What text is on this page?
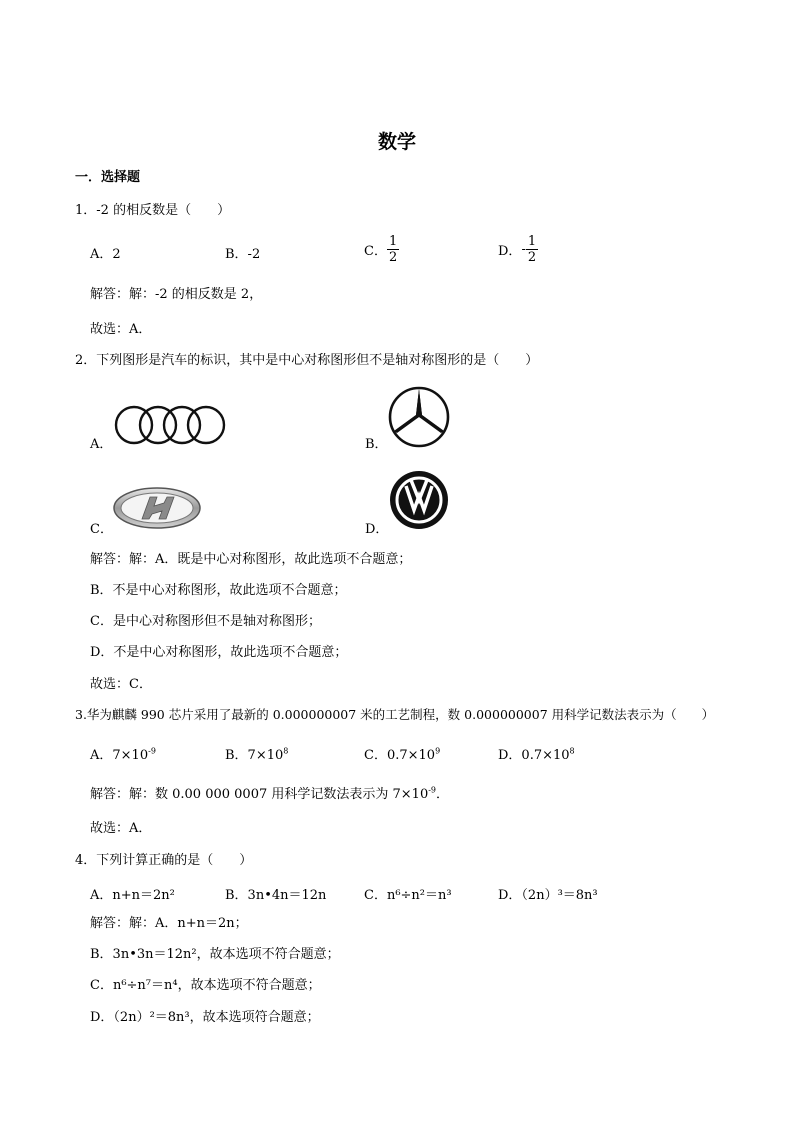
数学
一．选择题
1．-2 的相反数是（　　）
A．2	B．-2	C． $\frac{1}{2}$	D．- $\frac{1}{2}$
解答：解：-2 的相反数是 2，
故选：A．
2．下列图形是汽车的标识，其中是中心对称图形但不是轴对称图形的是（　　）
A．	B．
C．	D．
解答：解：A．既是中心对称图形，故此选项不合题意；
B．不是中心对称图形，故此选项不合题意；
C．是中心对称图形但不是轴对称图形；
D．不是中心对称图形，故此选项不合题意；
故选：C．
3.华为麒麟 990 芯片采用了最新的 0.000000007 米的工艺制程，数 0.000000007 用科学记数法表示为（　　）
A．$7\times 10^{-9}$	B．$7\times 10^8$	C．$0.7\times 10^9$	D．$0.7\times 10^8$
解答：解：数 0.00 000 0007 用科学记数法表示为 $7\times 10^{-9}$．
故选：A．
4．下列计算正确的是（　　）
A．n+n＝2n²	B．3n•4n＝12n	C．n⁶÷n²＝n³	D．（2n）³＝8n³
解答：解：A．n+n＝2n；
B．3n•3n＝12n²，故本选项不符合题意；
C．n⁶÷n⁷＝n⁴，故本选项不符合题意；
D．（2n）²＝8n³，故本选项符合题意；
